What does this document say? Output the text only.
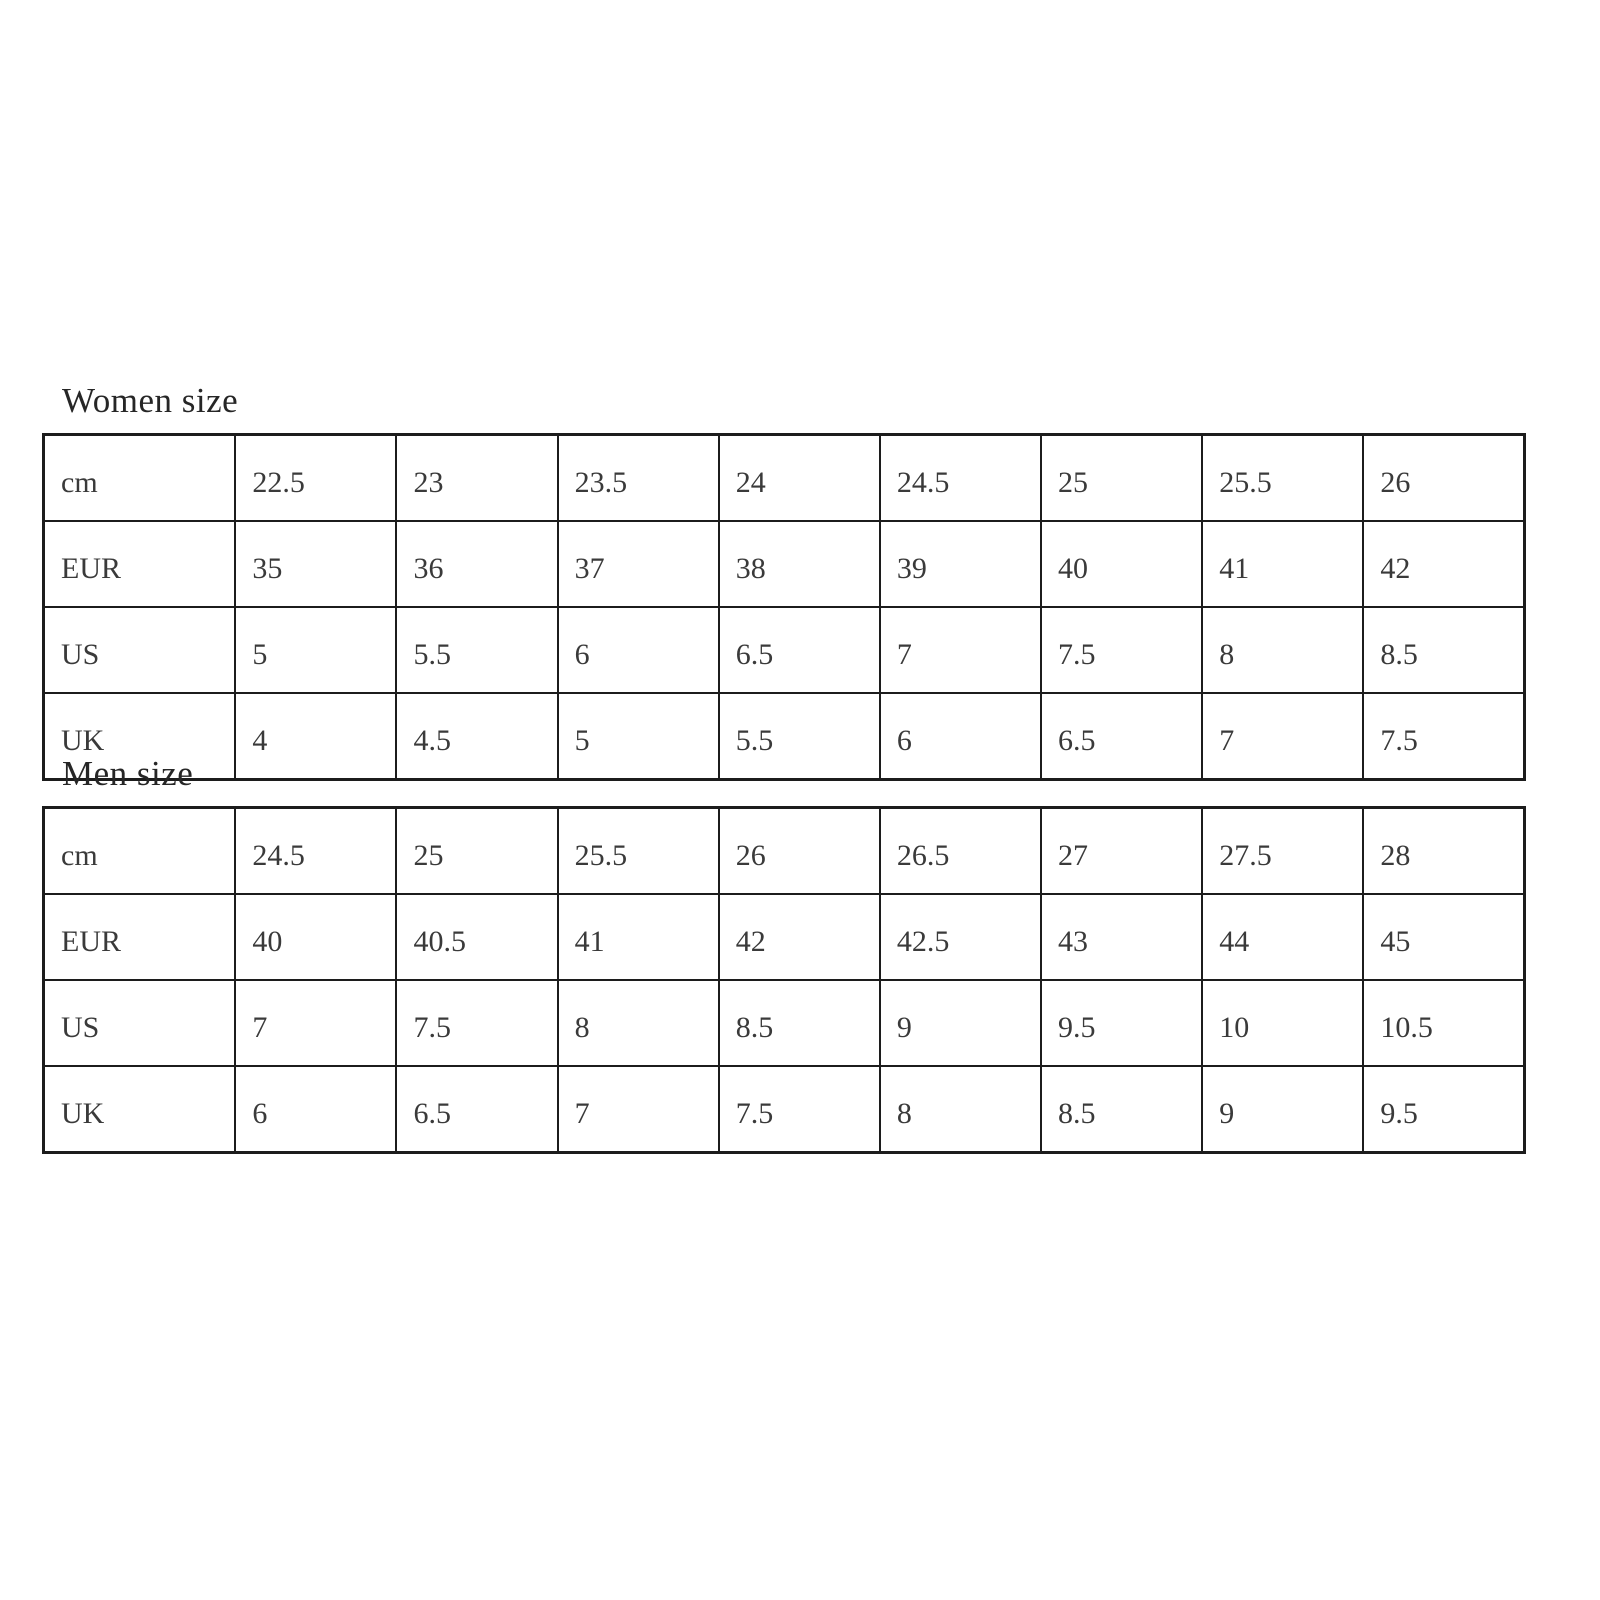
Women size
cm	22.5	23	23.5	24	24.5	25	25.5	26
EUR	35	36	37	38	39	40	41	42
US	5	5.5	6	6.5	7	7.5	8	8.5
UK	4	4.5	5	5.5	6	6.5	7	7.5
Men size
cm	24.5	25	25.5	26	26.5	27	27.5	28
EUR	40	40.5	41	42	42.5	43	44	45
US	7	7.5	8	8.5	9	9.5	10	10.5
UK	6	6.5	7	7.5	8	8.5	9	9.5
